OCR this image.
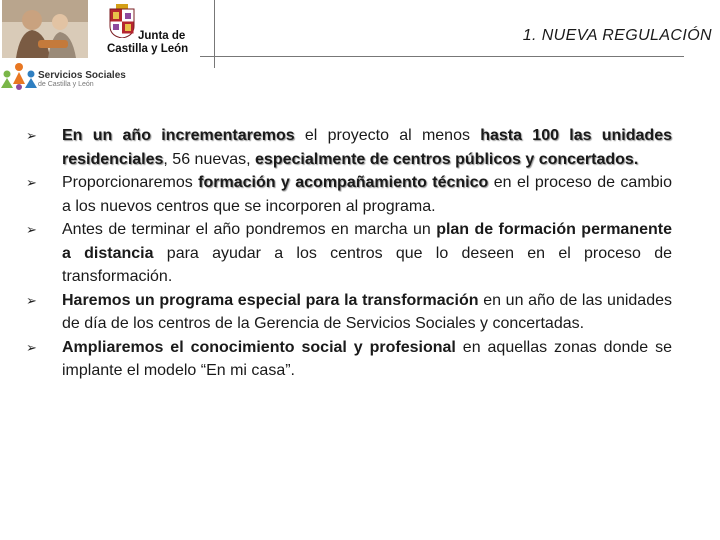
Junta de
Castilla y León
1. NUEVA REGULACIÓN
Servicios Sociales
de Castilla y León
➢ En un año incrementaremos el proyecto al menos hasta 100 las unidades residenciales, 56 nuevas, especialmente de centros públicos y concertados.
➢ Proporcionaremos formación y acompañamiento técnico en el proceso de cambio a los nuevos centros que se incorporen al programa.
➢ Antes de terminar el año pondremos en marcha un plan de formación permanente a distancia para ayudar a los centros que lo deseen en el proceso de transformación.
➢ Haremos un programa especial para la transformación en un año de las unidades de día de los centros de la Gerencia de Servicios Sociales y concertadas.
➢ Ampliaremos el conocimiento social y profesional en aquellas zonas donde se implante el modelo “En mi casa”.
